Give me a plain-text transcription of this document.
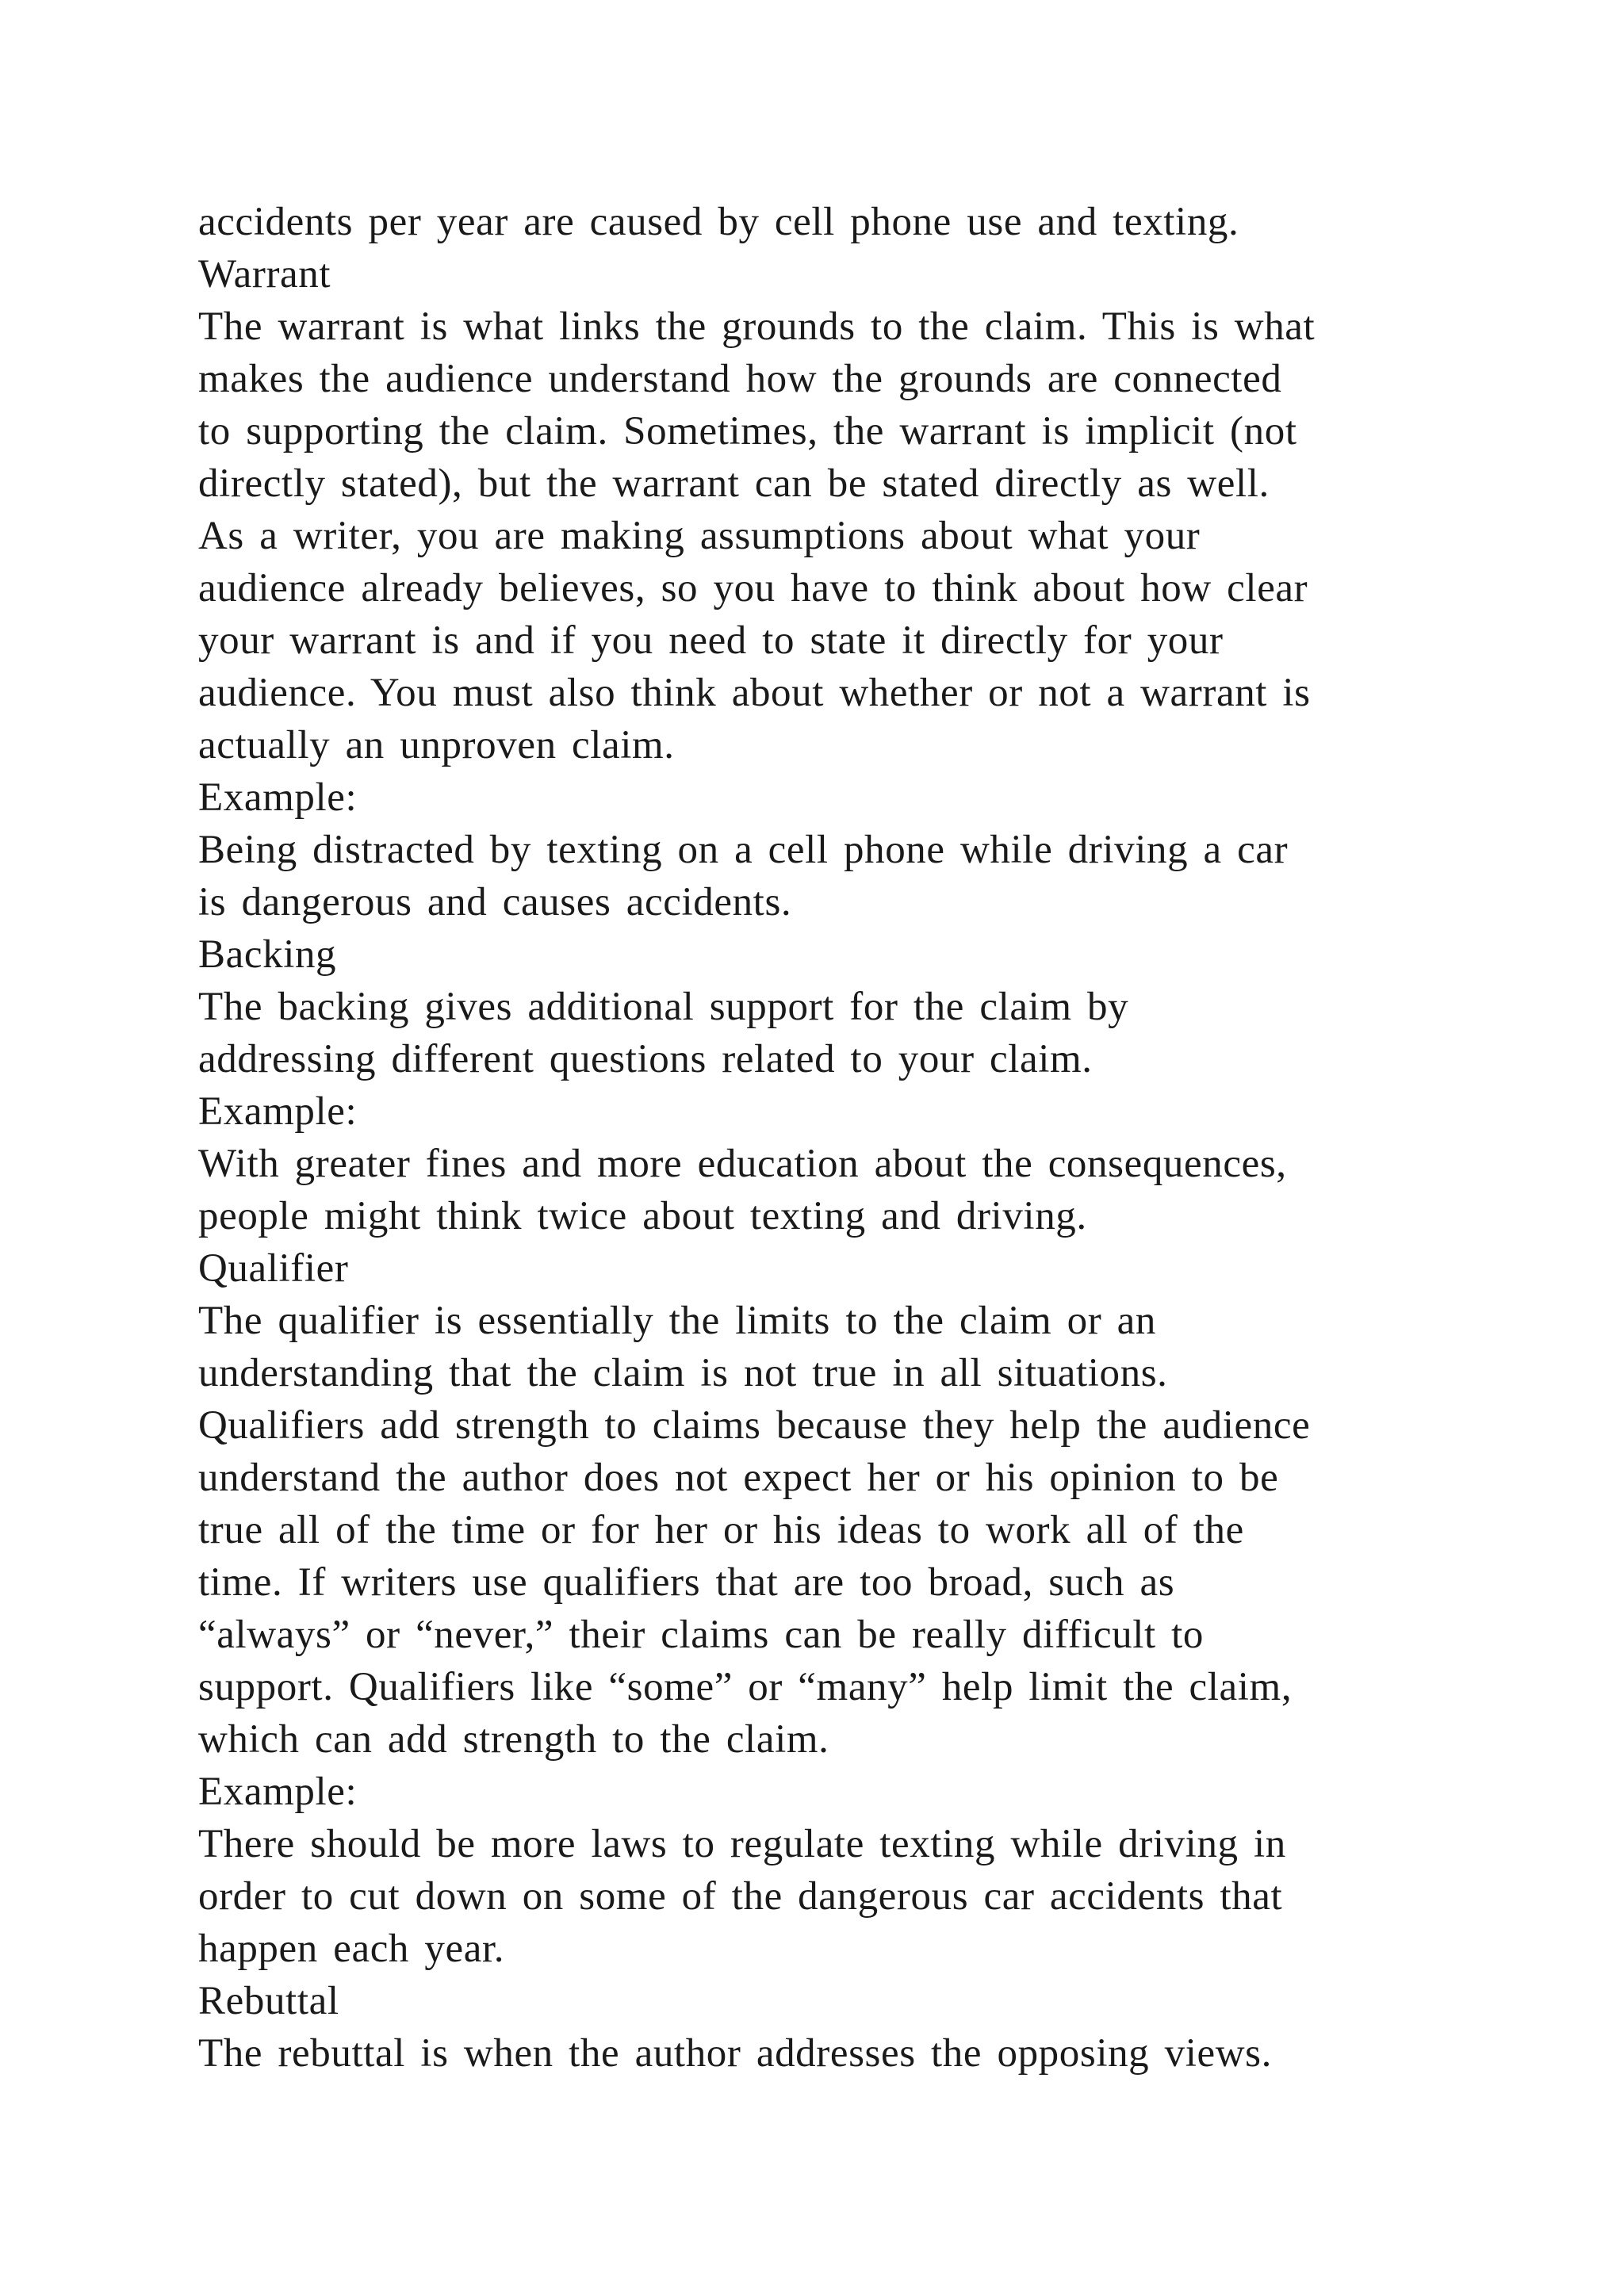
accidents per year are caused by cell phone use and texting.
Warrant
The warrant is what links the grounds to the claim. This is what
makes the audience understand how the grounds are connected
to supporting the claim. Sometimes, the warrant is implicit (not
directly stated), but the warrant can be stated directly as well.
As a writer, you are making assumptions about what your
audience already believes, so you have to think about how clear
your warrant is and if you need to state it directly for your
audience. You must also think about whether or not a warrant is
actually an unproven claim.
Example:
Being distracted by texting on a cell phone while driving a car
is dangerous and causes accidents.
Backing
The backing gives additional support for the claim by
addressing different questions related to your claim.
Example:
With greater fines and more education about the consequences,
people might think twice about texting and driving.
Qualifier
The qualifier is essentially the limits to the claim or an
understanding that the claim is not true in all situations.
Qualifiers add strength to claims because they help the audience
understand the author does not expect her or his opinion to be
true all of the time or for her or his ideas to work all of the
time. If writers use qualifiers that are too broad, such as
“always” or “never,” their claims can be really difficult to
support. Qualifiers like “some” or “many” help limit the claim,
which can add strength to the claim.
Example:
There should be more laws to regulate texting while driving in
order to cut down on some of the dangerous car accidents that
happen each year.
Rebuttal
The rebuttal is when the author addresses the opposing views.
